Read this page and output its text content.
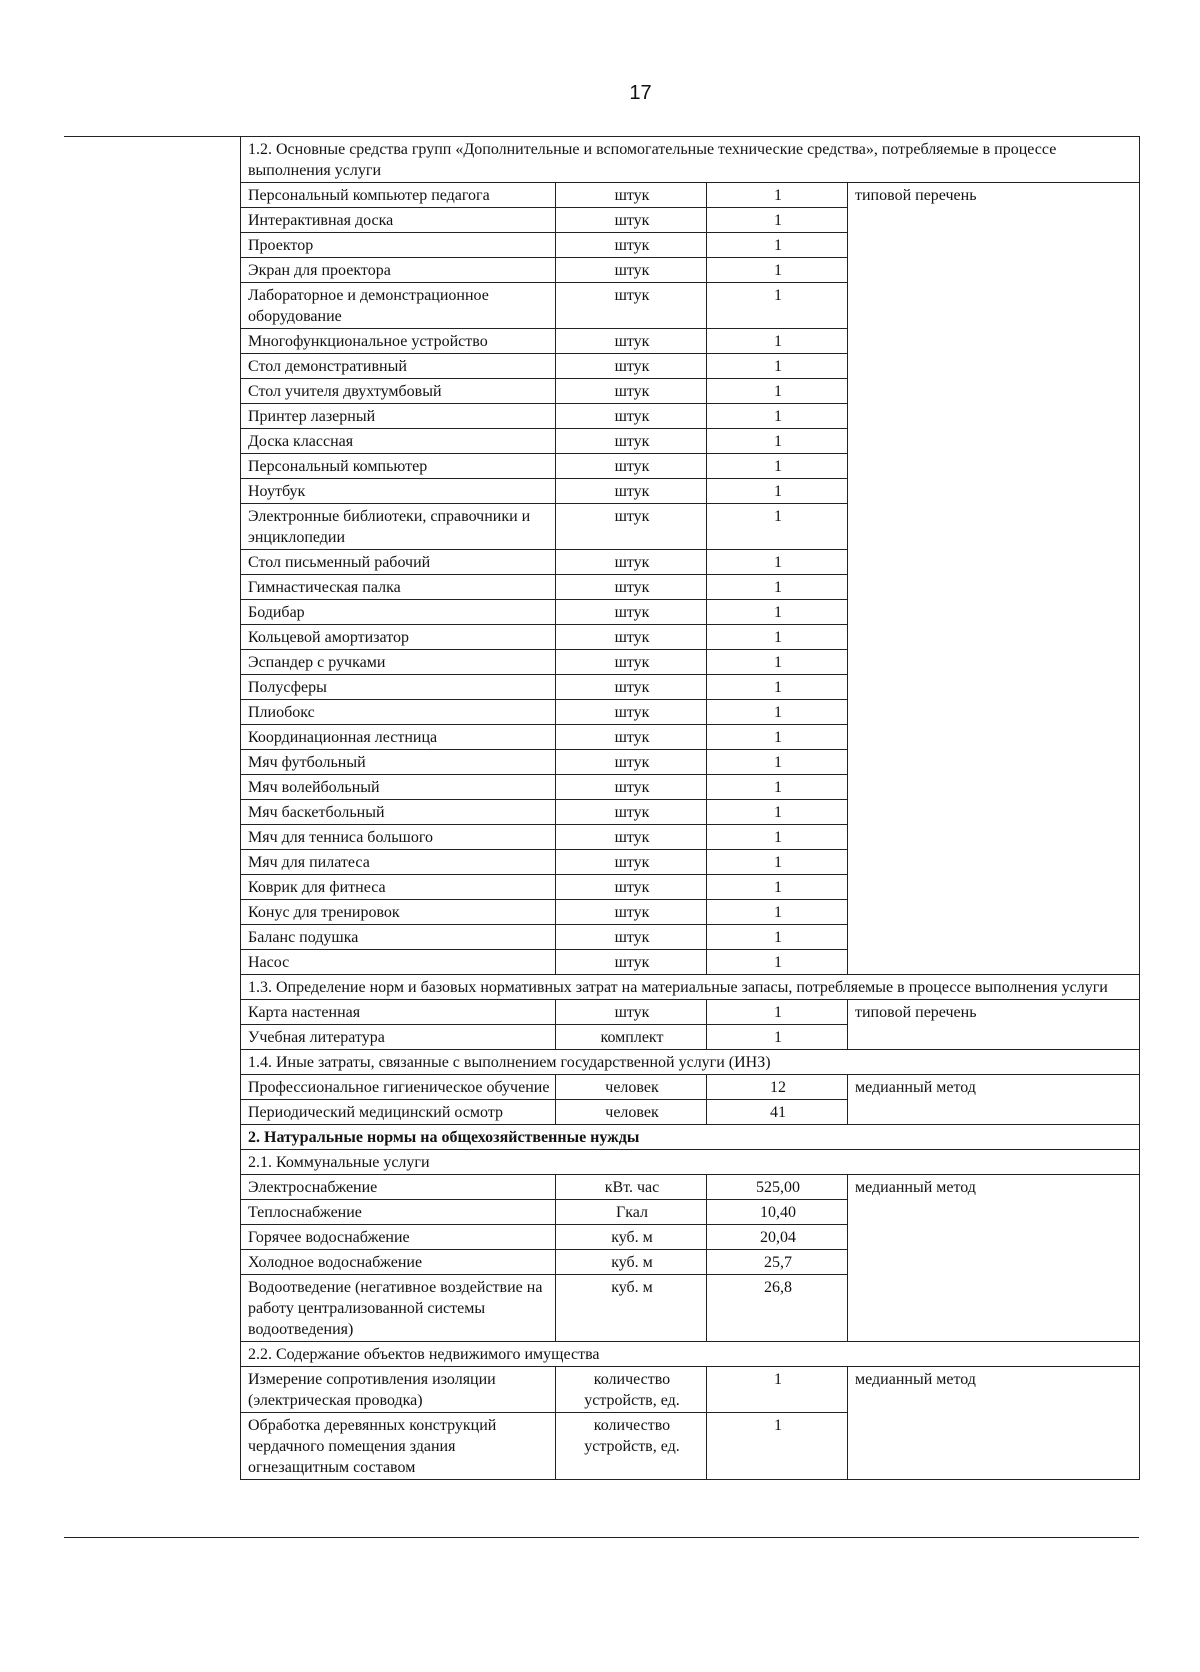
17
1.2. Основные средства групп «Дополнительные и вспомогательные технические средства», потребляемые в процессе выполнения услуги			
Персональный компьютер педагога	штук	1	типовой перечень
Интерактивная доска	штук	1	
Проектор	штук	1	
Экран для проектора	штук	1	
Лабораторное и демонстрационное оборудование	штук	1	
Многофункциональное устройство	штук	1	
Стол демонстративный	штук	1	
Стол учителя двухтумбовый	штук	1	
Принтер лазерный	штук	1	
Доска классная	штук	1	
Персональный компьютер	штук	1	
Ноутбук	штук	1	
Электронные библиотеки, справочники и энциклопедии	штук	1	
Стол письменный рабочий	штук	1	
Гимнастическая палка	штук	1	
Бодибар	штук	1	
Кольцевой амортизатор	штук	1	
Эспандер с ручками	штук	1	
Полусферы	штук	1	
Плиобокс	штук	1	
Координационная лестница	штук	1	
Мяч футбольный	штук	1	
Мяч волейбольный	штук	1	
Мяч баскетбольный	штук	1	
Мяч для тенниса большого	штук	1	
Мяч для пилатеса	штук	1	
Коврик для фитнеса	штук	1	
Конус для тренировок	штук	1	
Баланс подушка	штук	1	
Насос	штук	1	
1.3. Определение норм и базовых нормативных затрат на материальные запасы, потребляемые в процессе выполнения услуги			
Карта настенная	штук	1	типовой перечень
Учебная литература	комплект	1	
1.4. Иные затраты, связанные с выполнением государственной услуги (ИНЗ)			
Профессиональное гигиеническое обучение	человек	12	медианный метод
Периодический медицинский осмотр	человек	41	
2. Натуральные нормы на общехозяйственные нужды			
2.1. Коммунальные услуги			
Электроснабжение	кВт. час	525,00	медианный метод
Теплоснабжение	Гкал	10,40	
Горячее водоснабжение	куб. м	20,04	
Холодное водоснабжение	куб. м	25,7	
Водоотведение (негативное воздействие на работу централизованной системы водоотведения)	куб. м	26,8	
2.2. Содержание объектов недвижимого имущества			
Измерение сопротивления изоляции (электрическая проводка)	количество устройств, ед.	1	медианный метод
Обработка деревянных конструкций чердачного помещения здания огнезащитным составом	количество устройств, ед.	1	
